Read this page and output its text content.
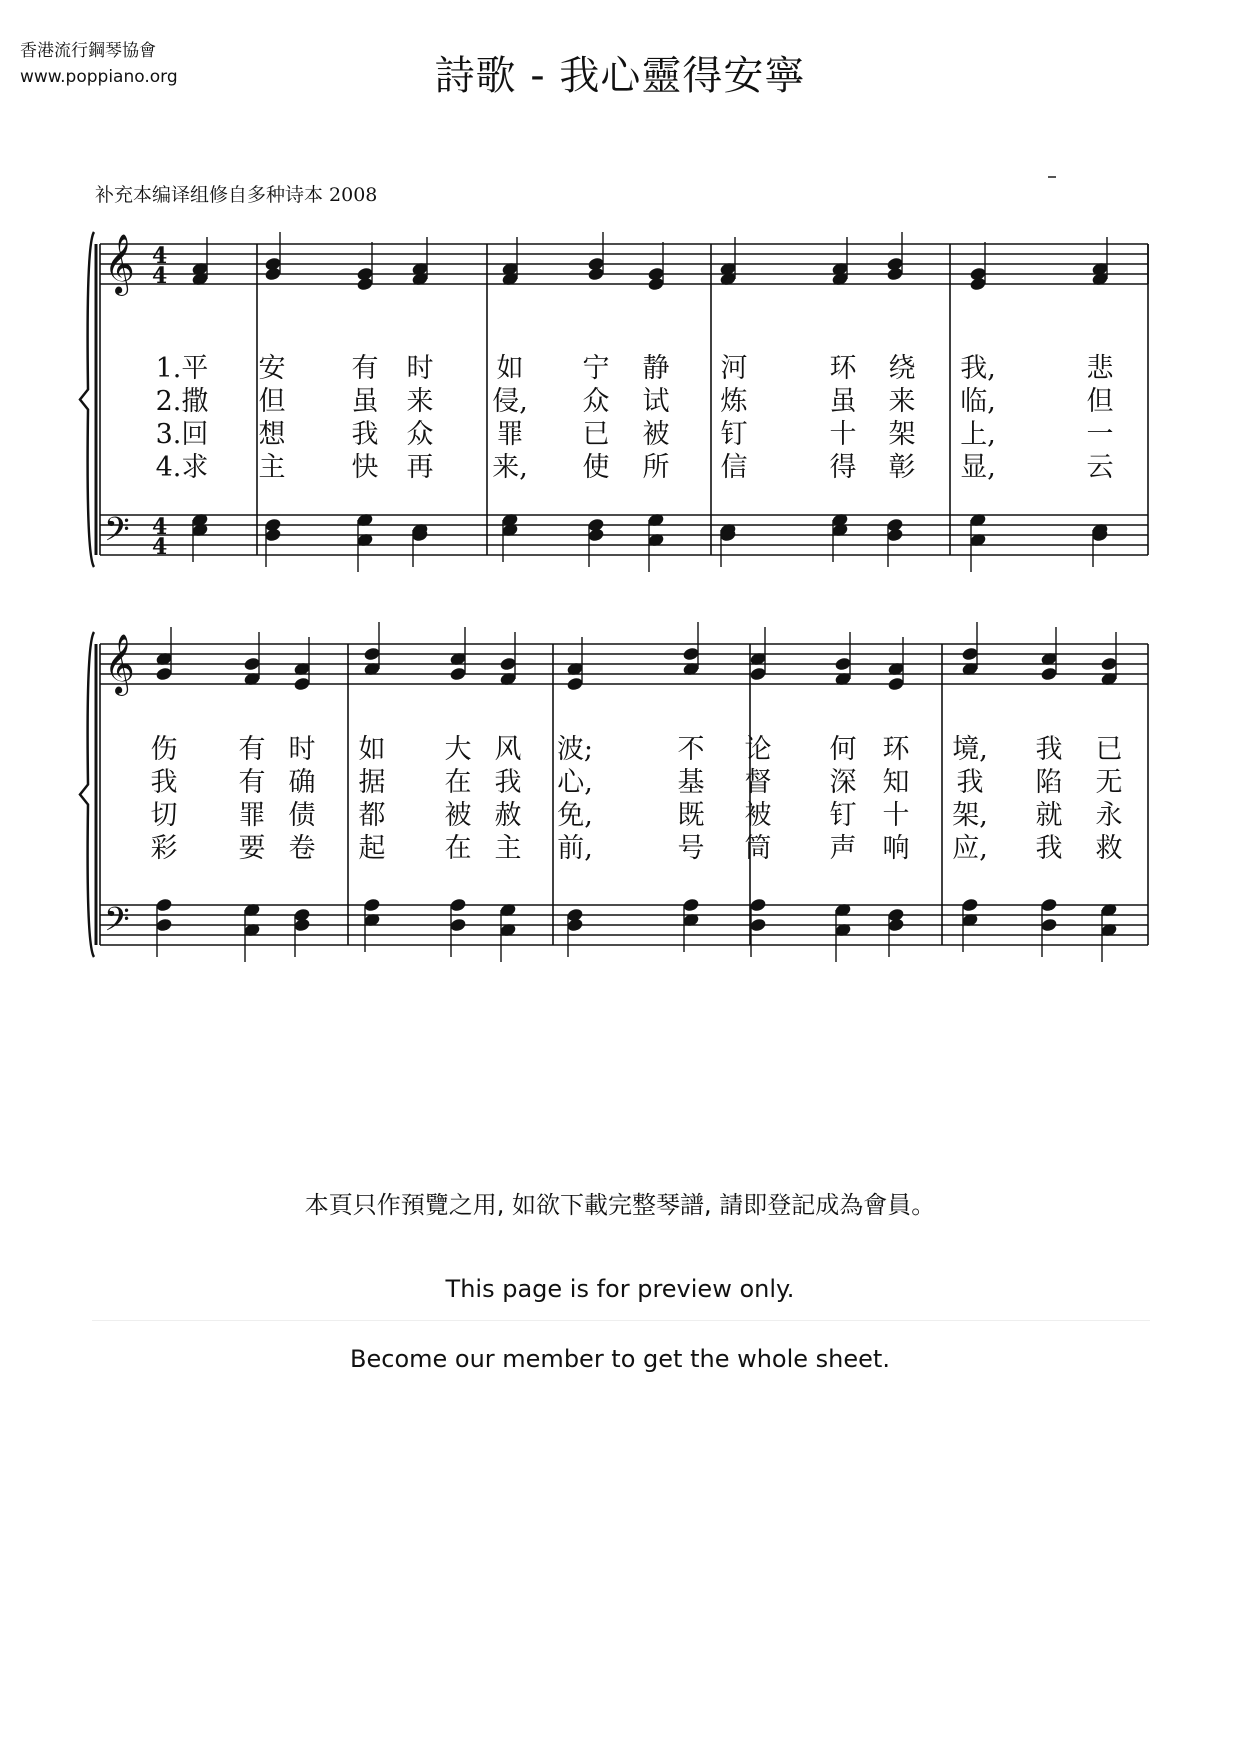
香港流行鋼琴協會
www.poppiano.org	詩歌 - 我心靈得安寧
补充本编译组修自多种诗本 2008
𝄞
𝄢
4
4
4
4
1.平 安 有 时 如 宁 静 河	环 绕 我,	悲
2.撒 但 虽 来 侵, 众 试 炼	虽 来 临,	但
3.回 想 我 众 罪 已 被 钉	十 架 上,	一
4.求 主 快 再 来, 使 所 信	得 彰 显,	云
𝄞
𝄢
伤 有 时 如 大 风 波;	不 论 何 环 境, 我 已
我 有 确 据 在 我 心,	基 督 深 知 我 陷 无
切 罪 债 都 被 赦 免,	既 被 钉 十 架, 就 永
彩 要 卷 起 在 主 前,	号 筒 声 响 应, 我 救
本頁只作預覽之用, 如欲下載完整琴譜, 請即登記成為會員。
This page is for preview only.
Become our member to get the whole sheet.
